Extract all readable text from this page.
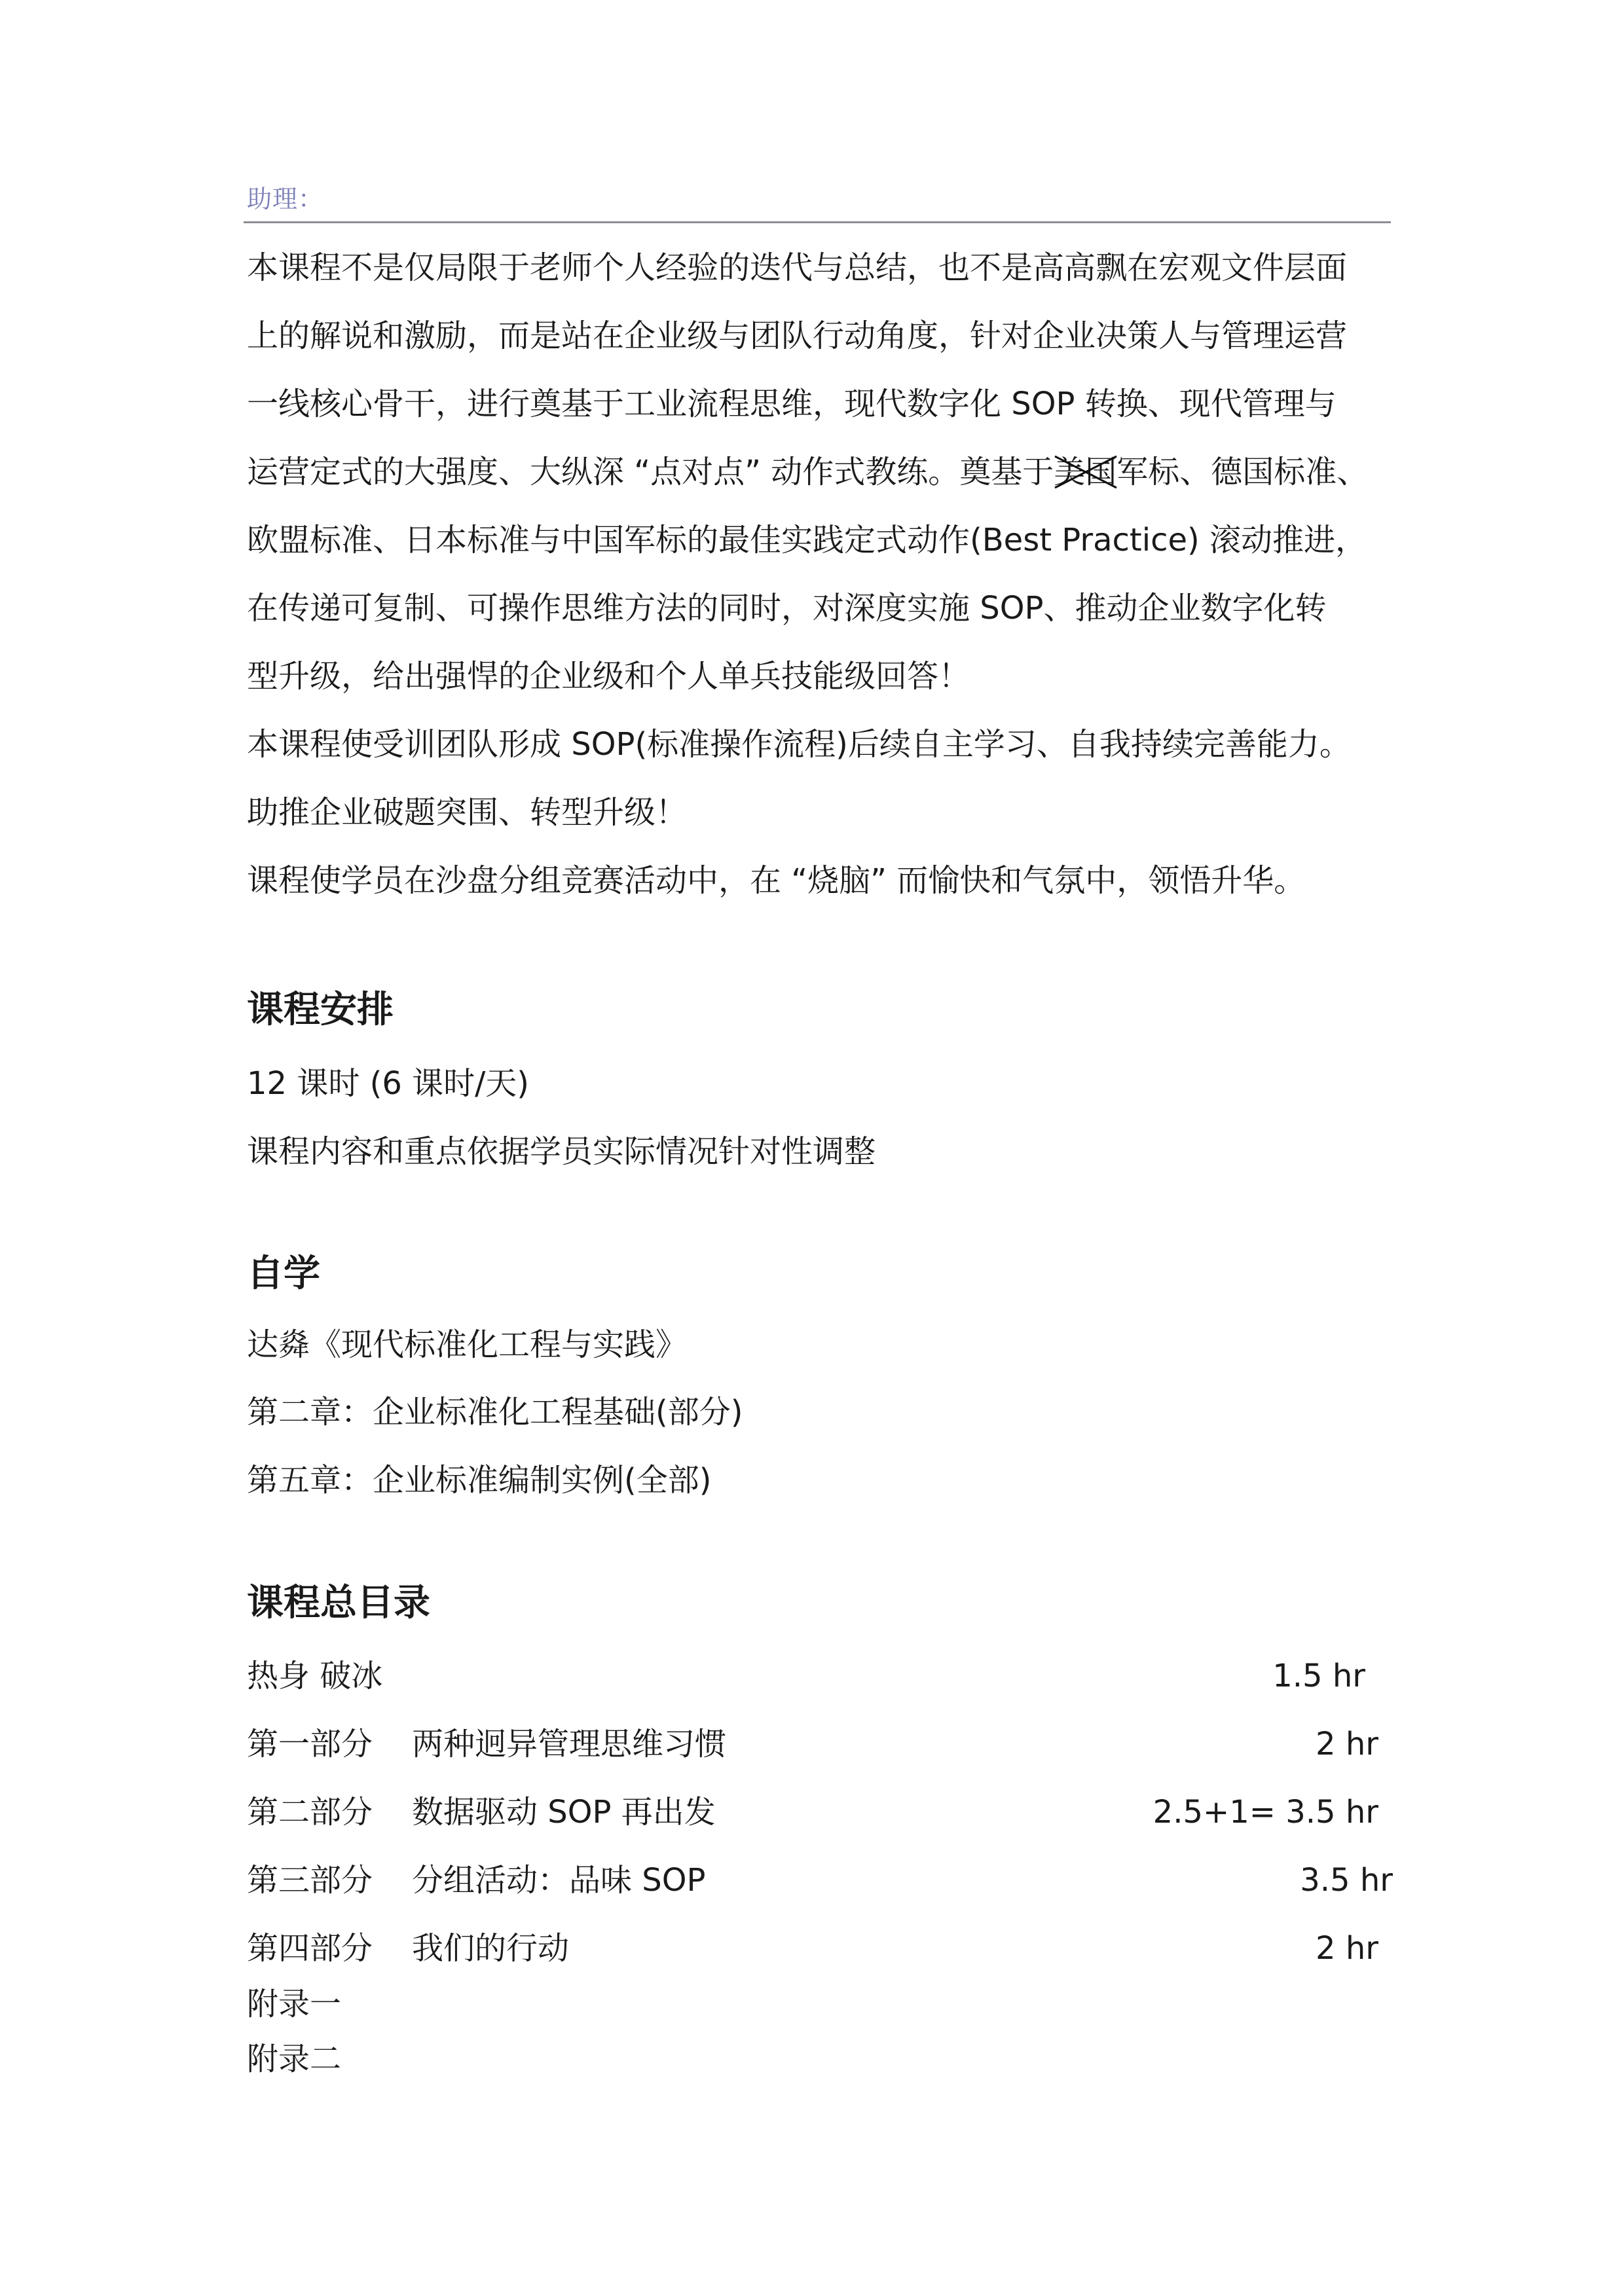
助理：
本课程不是仅局限于老师个人经验的迭代与总结，也不是高高飘在宏观文件层面
上的解说和激励，而是站在企业级与团队行动角度，针对企业决策人与管理运营
一线核心骨干，进行奠基于工业流程思维，现代数字化 SOP 转换、现代管理与
运营定式的大强度、大纵深 “点对点” 动作式教练。奠基于美国
军标、德国标准、
欧盟标准、日本标准与中国军标的最佳实践定式动作(Best Practice) 滚动推进，
在传递可复制、可操作思维方法的同时，对深度实施 SOP、推动企业数字化转
型升级，给出强悍的企业级和个人单兵技能级回答！
本课程使受训团队形成 SOP(标准操作流程)后续自主学习、自我持续完善能力。
助推企业破题突围、转型升级！
课程使学员在沙盘分组竞赛活动中，在 “烧脑” 而愉快和气氛中，领悟升华。
课程安排
12 课时 (6 课时/天)
课程内容和重点依据学员实际情况针对性调整
自学
达㷠《现代标准化工程与实践》
第二章：企业标准化工程基础(部分)
第五章：企业标准编制实例(全部)
课程总目录
热身 破冰	1.5 hr
第一部分 两种迥异管理思维习惯	2 hr
第二部分 数据驱动 SOP 再出发	2.5+1= 3.5 hr
第三部分 分组活动：品味 SOP	3.5 hr
第四部分 我们的行动	2 hr
附录一
附录二
